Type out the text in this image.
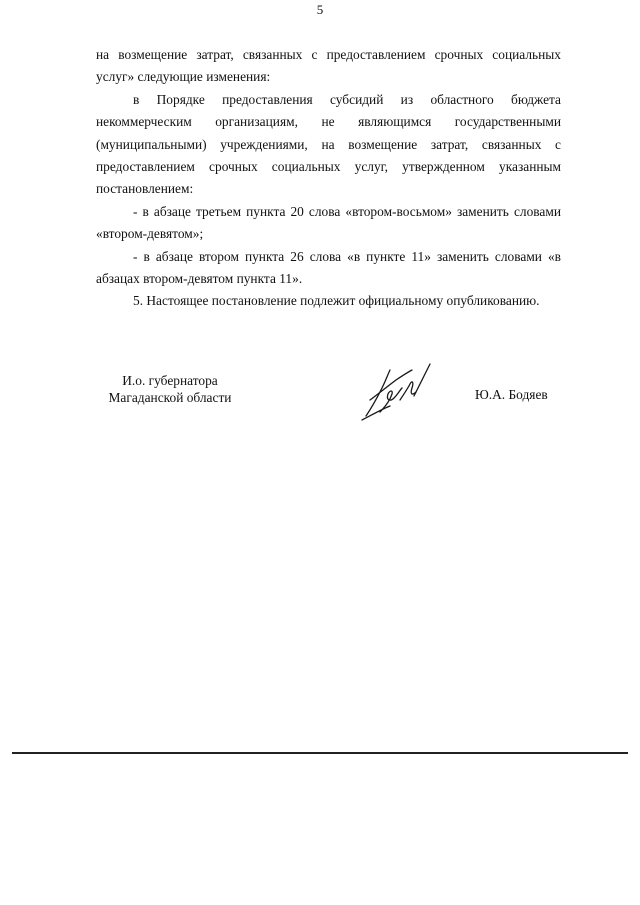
5

на возмещение затрат, связанных с предоставлением срочных социальных услуг» следующие изменения:

в Порядке предоставления субсидий из областного бюджета некоммерческим организациям, не являющимся государственными (муниципальными) учреждениями, на возмещение затрат, связанных с предоставлением срочных социальных услуг, утвержденном указанным постановлением:

- в абзаце третьем пункта 20 слова «втором-восьмом» заменить словами «втором-девятом»;

- в абзаце втором пункта 26 слова «в пункте 11» заменить словами «в абзацах втором-девятом пункта 11».

5. Настоящее постановление подлежит официальному опубликованию.

И.о. губернатора
Магаданской области	Ю.А. Бодяев
